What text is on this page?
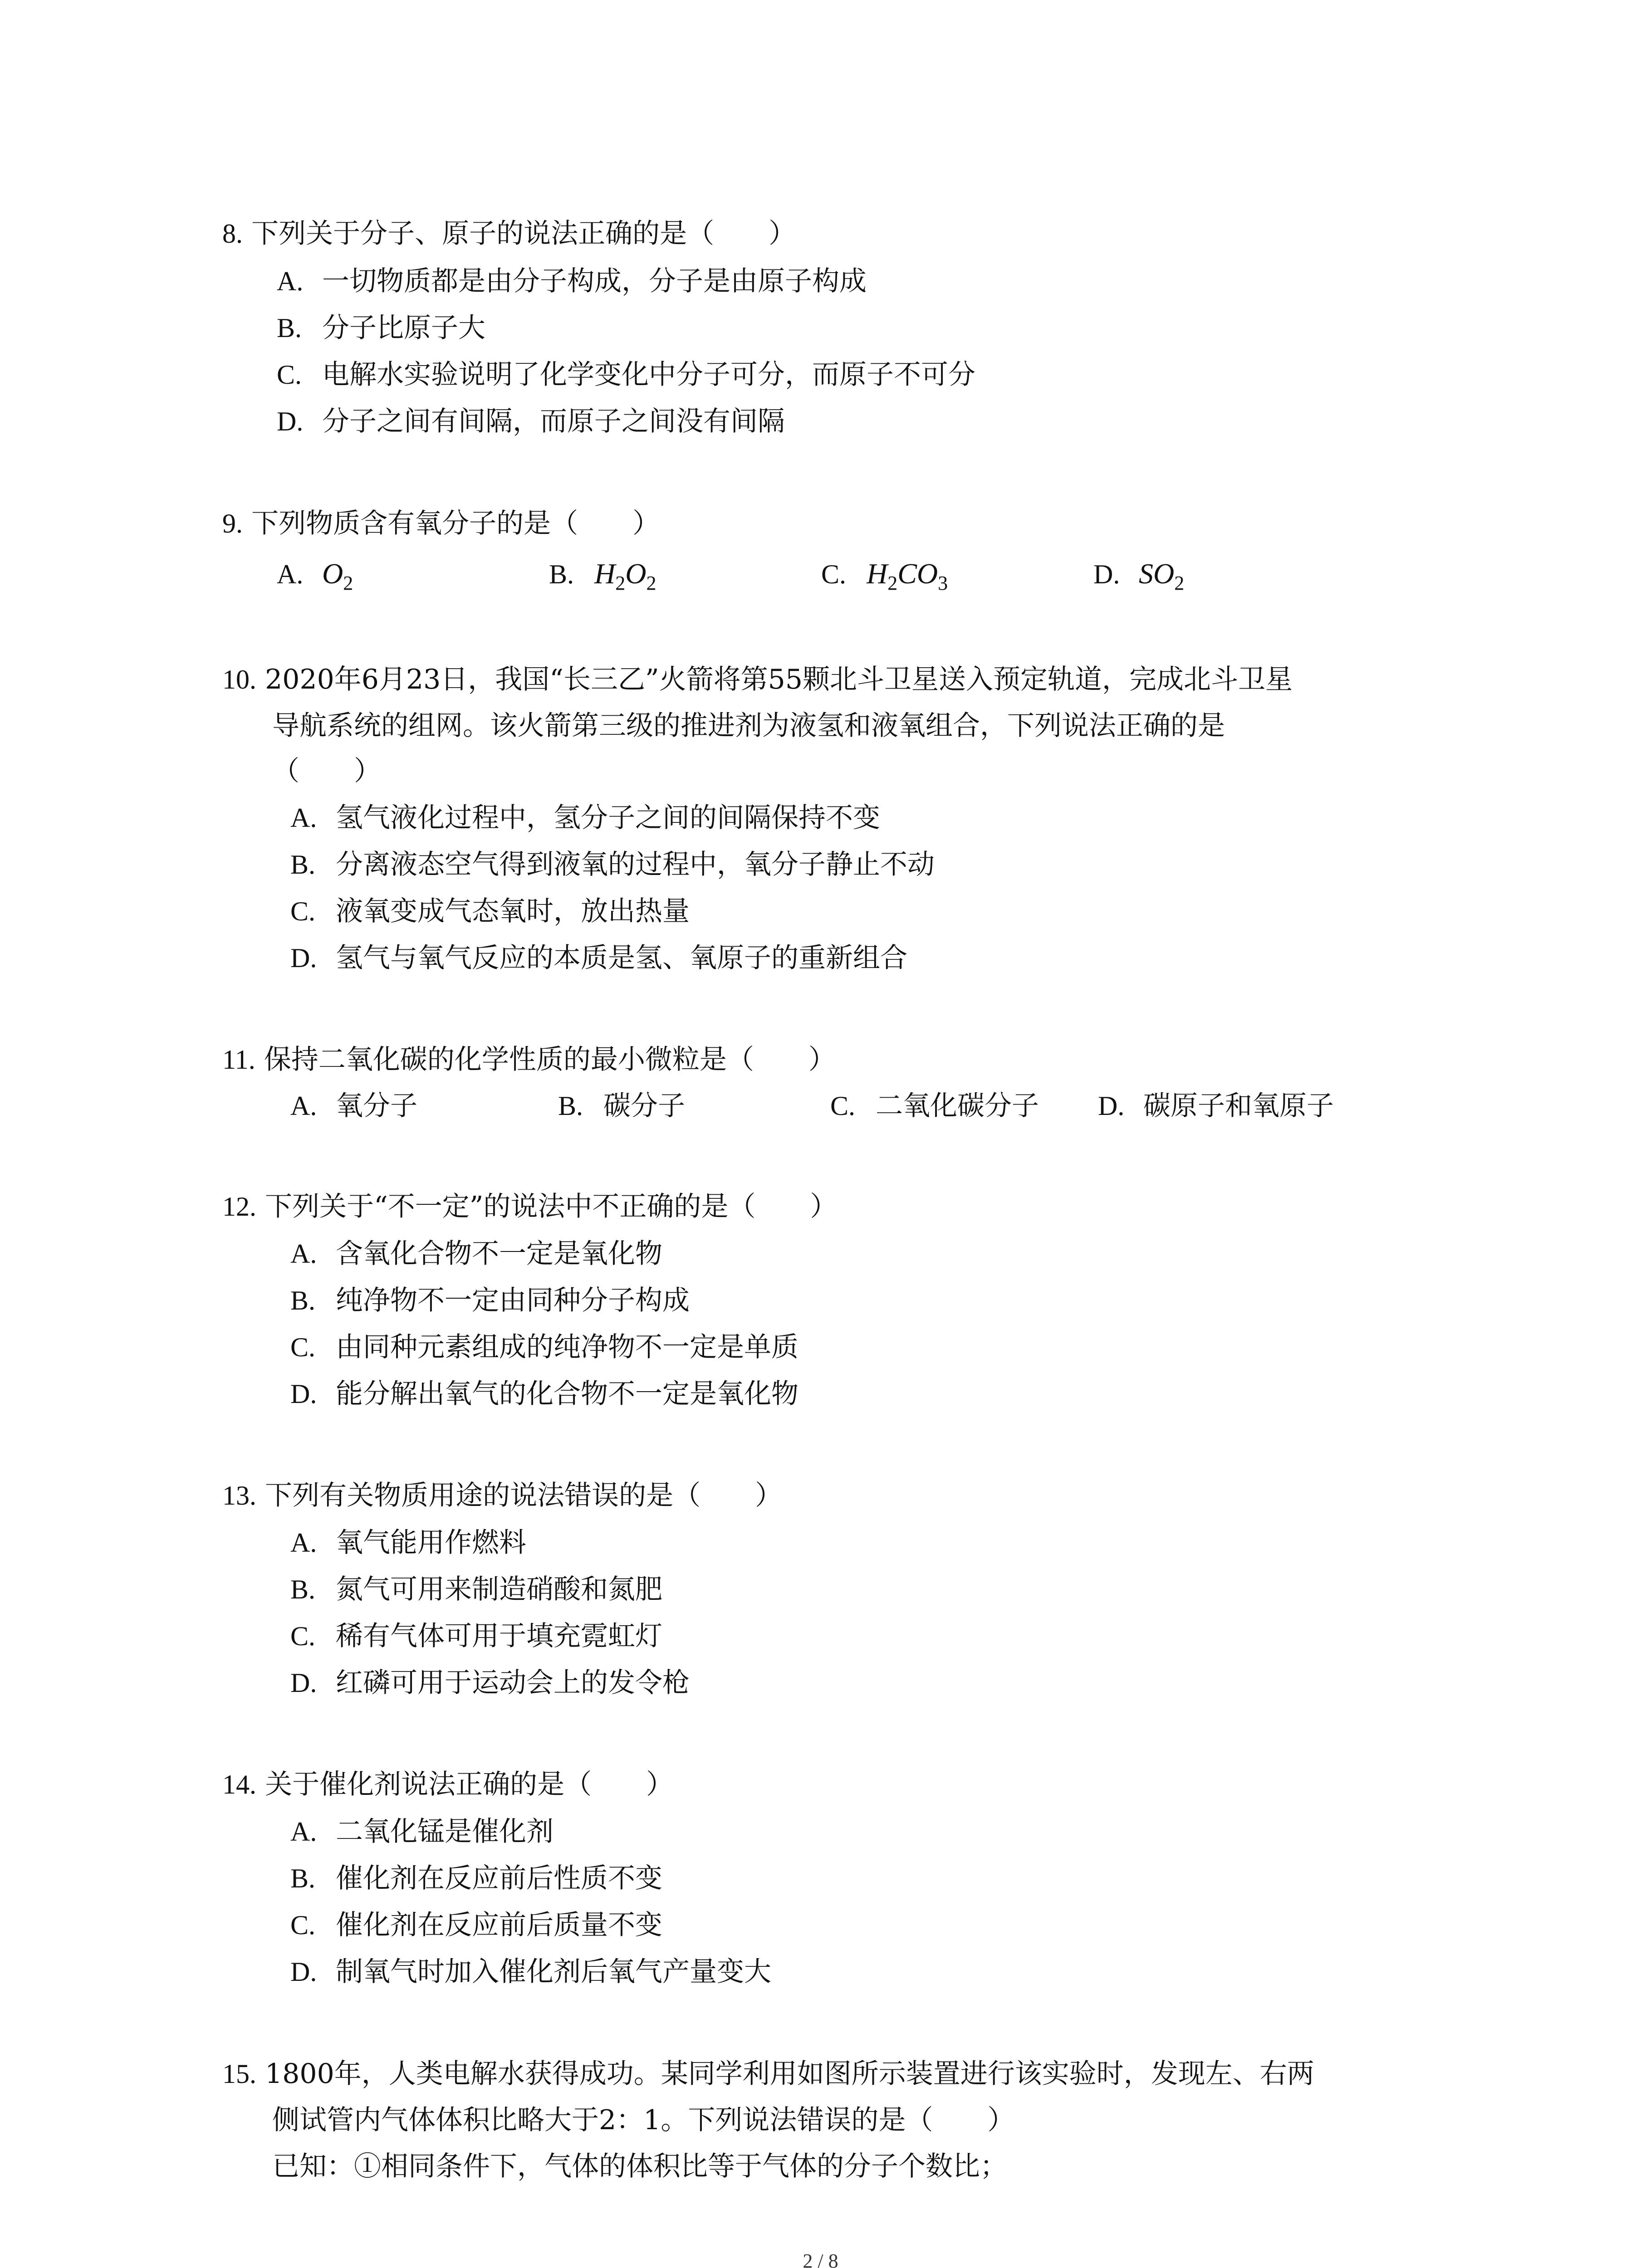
8. 下列关于分子、原子的说法正确的是（　　）
A. 一切物质都是由分子构成，分子是由原子构成
B. 分子比原子大
C. 电解水实验说明了化学变化中分子可分，而原子不可分
D. 分子之间有间隔，而原子之间没有间隔
9. 下列物质含有氧分子的是（　　）
A. $O_2$	B. $H_2O_2$	C. $H_2CO_3$	D. $SO_2$
10. 2020年6月23日，我国“长三乙”火箭将第55颗北斗卫星送入预定轨道，完成北斗卫星
导航系统的组网。该火箭第三级的推进剂为液氢和液氧组合，下列说法正确的是
（　　）
A. 氢气液化过程中，氢分子之间的间隔保持不变
B. 分离液态空气得到液氧的过程中，氧分子静止不动
C. 液氧变成气态氧时，放出热量
D. 氢气与氧气反应的本质是氢、氧原子的重新组合
11. 保持二氧化碳的化学性质的最小微粒是（　　）
A. 氧分子	B. 碳分子	C. 二氧化碳分子 D. 碳原子和氧原子
12. 下列关于“不一定”的说法中不正确的是（　　）
A. 含氧化合物不一定是氧化物
B. 纯净物不一定由同种分子构成
C. 由同种元素组成的纯净物不一定是单质
D. 能分解出氧气的化合物不一定是氧化物
13. 下列有关物质用途的说法错误的是（　　）
A. 氧气能用作燃料
B. 氮气可用来制造硝酸和氮肥
C. 稀有气体可用于填充霓虹灯
D. 红磷可用于运动会上的发令枪
14. 关于催化剂说法正确的是（　　）
A. 二氧化锰是催化剂
B. 催化剂在反应前后性质不变
C. 催化剂在反应前后质量不变
D. 制氧气时加入催化剂后氧气产量变大
15. 1800年，人类电解水获得成功。某同学利用如图所示装置进行该实验时，发现左、右两
侧试管内气体体积比略大于2：1。下列说法错误的是（　　）
已知：①相同条件下，气体的体积比等于气体的分子个数比；
2 / 8
